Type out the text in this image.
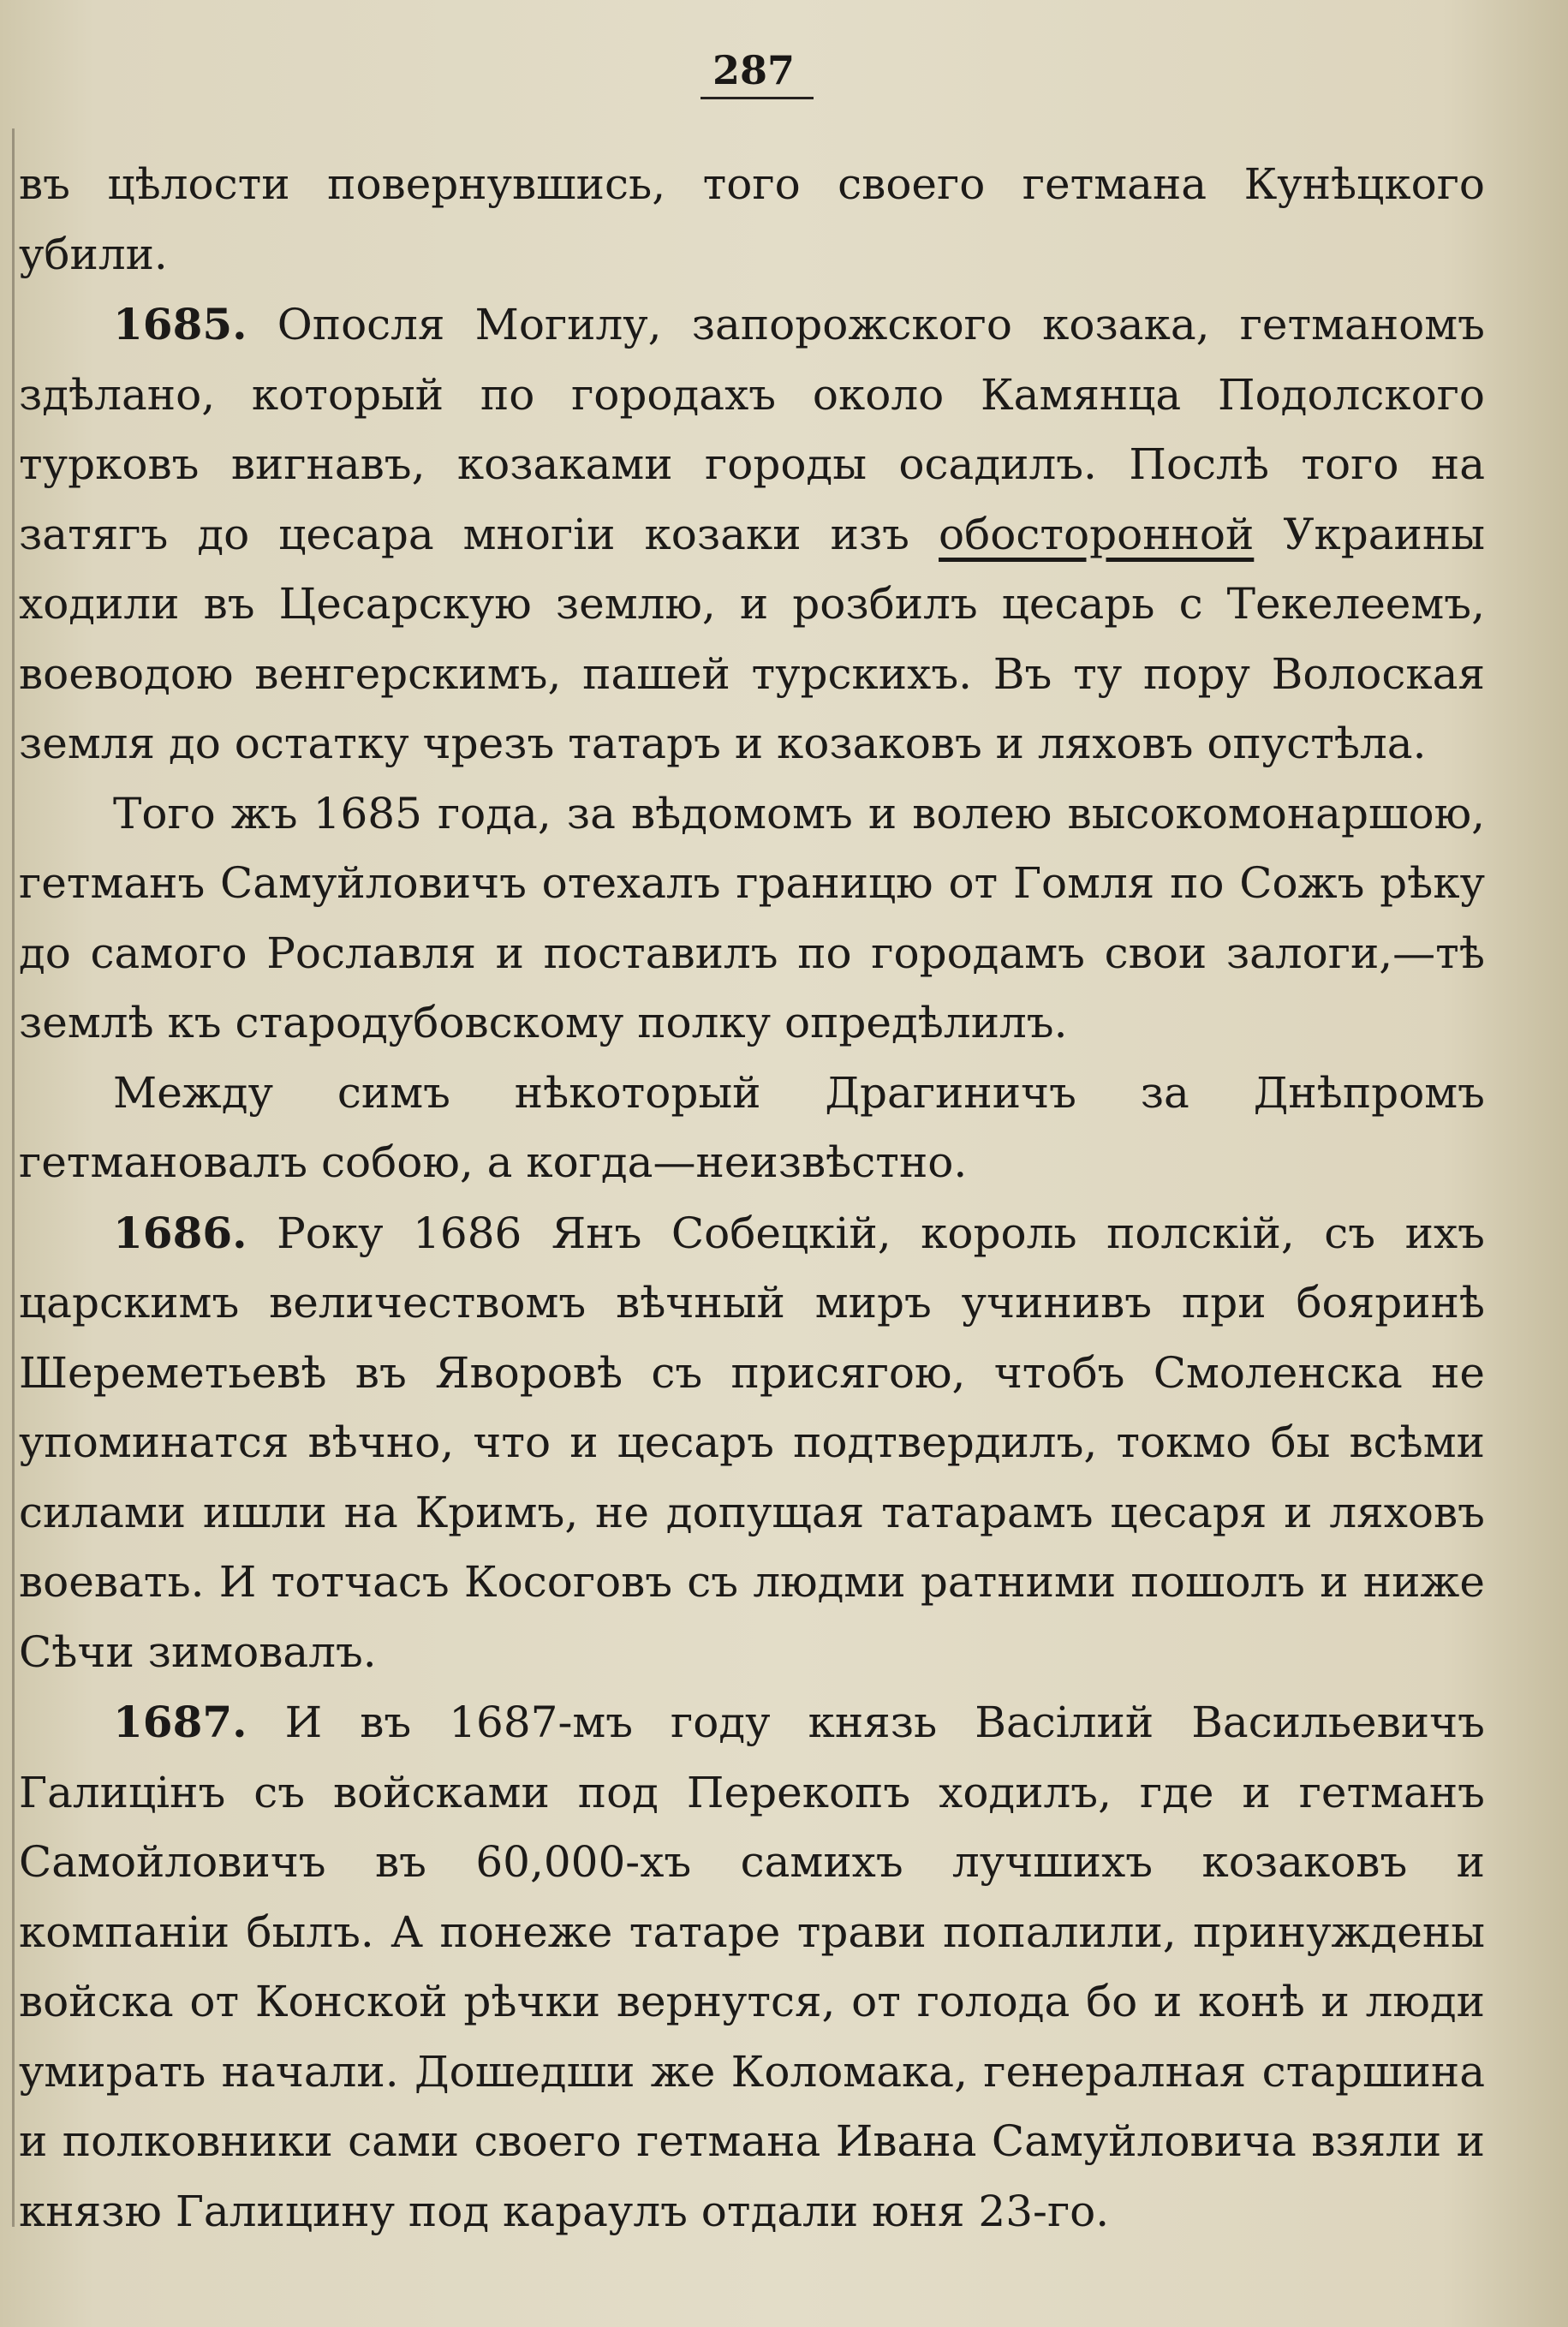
287

въ цѣлости повернувшись, того своего гетмана Кунѣцкого убили.

1685. Опосля Могилу, запорожского козака, гетманомъ здѣлано, который по городахъ около Камянца Подолского турковъ вигнавъ, козаками городы осадилъ. Послѣ того на затягъ до цесара многiи козаки изъ обосторонной Украины ходили въ Цесарскую землю, и розбилъ цесарь с Текелеемъ, воеводою венгерскимъ, пашей турскихъ. Въ ту пору Волоская земля до остатку чрезъ татаръ и козаковъ и ляховъ опустѣла.

Того жъ 1685 года, за вѣдомомъ и волею высокомонаршою, гетманъ Самуйловичъ отехалъ границю от Гомля по Сожъ рѣку до самого Рославля и поставилъ по городамъ свои залоги,—тѣ землѣ къ стародубовскому полку опредѣлилъ.

Между симъ нѣкоторый Драгиничъ за Днѣпромъ гетмановалъ собою, а когда—неизвѣстно.

1686. Року 1686 Янъ Собецкiй, король полскiй, съ ихъ царскимъ величествомъ вѣчный миръ учинивъ при бояринѣ Шереметьевѣ въ Яворовѣ съ присягою, чтобъ Смоленска не упоминатся вѣчно, что и цесаръ подтвердилъ, токмо бы всѣми силами ишли на Кримъ, не допущая татарамъ цесаря и ляховъ воевать. И тотчасъ Косоговъ съ людми ратними пошолъ и ниже Сѣчи зимовалъ.

1687. И въ 1687-мъ году князь Васiлий Васильевичъ Галицiнъ съ войсками под Перекопъ ходилъ, где и гетманъ Самойловичъ въ 60,000-хъ самихъ лучшихъ козаковъ и компанiи былъ. А понеже татаре трави попалили, принуждены войска от Конской рѣчки вернутся, от голода бо и конѣ и люди умирать начали. Дошедши же Коломака, генералная старшина и полковники сами своего гетмана Ивана Самуйловича взяли и князю Галицину под караулъ отдали юня 23-го.
